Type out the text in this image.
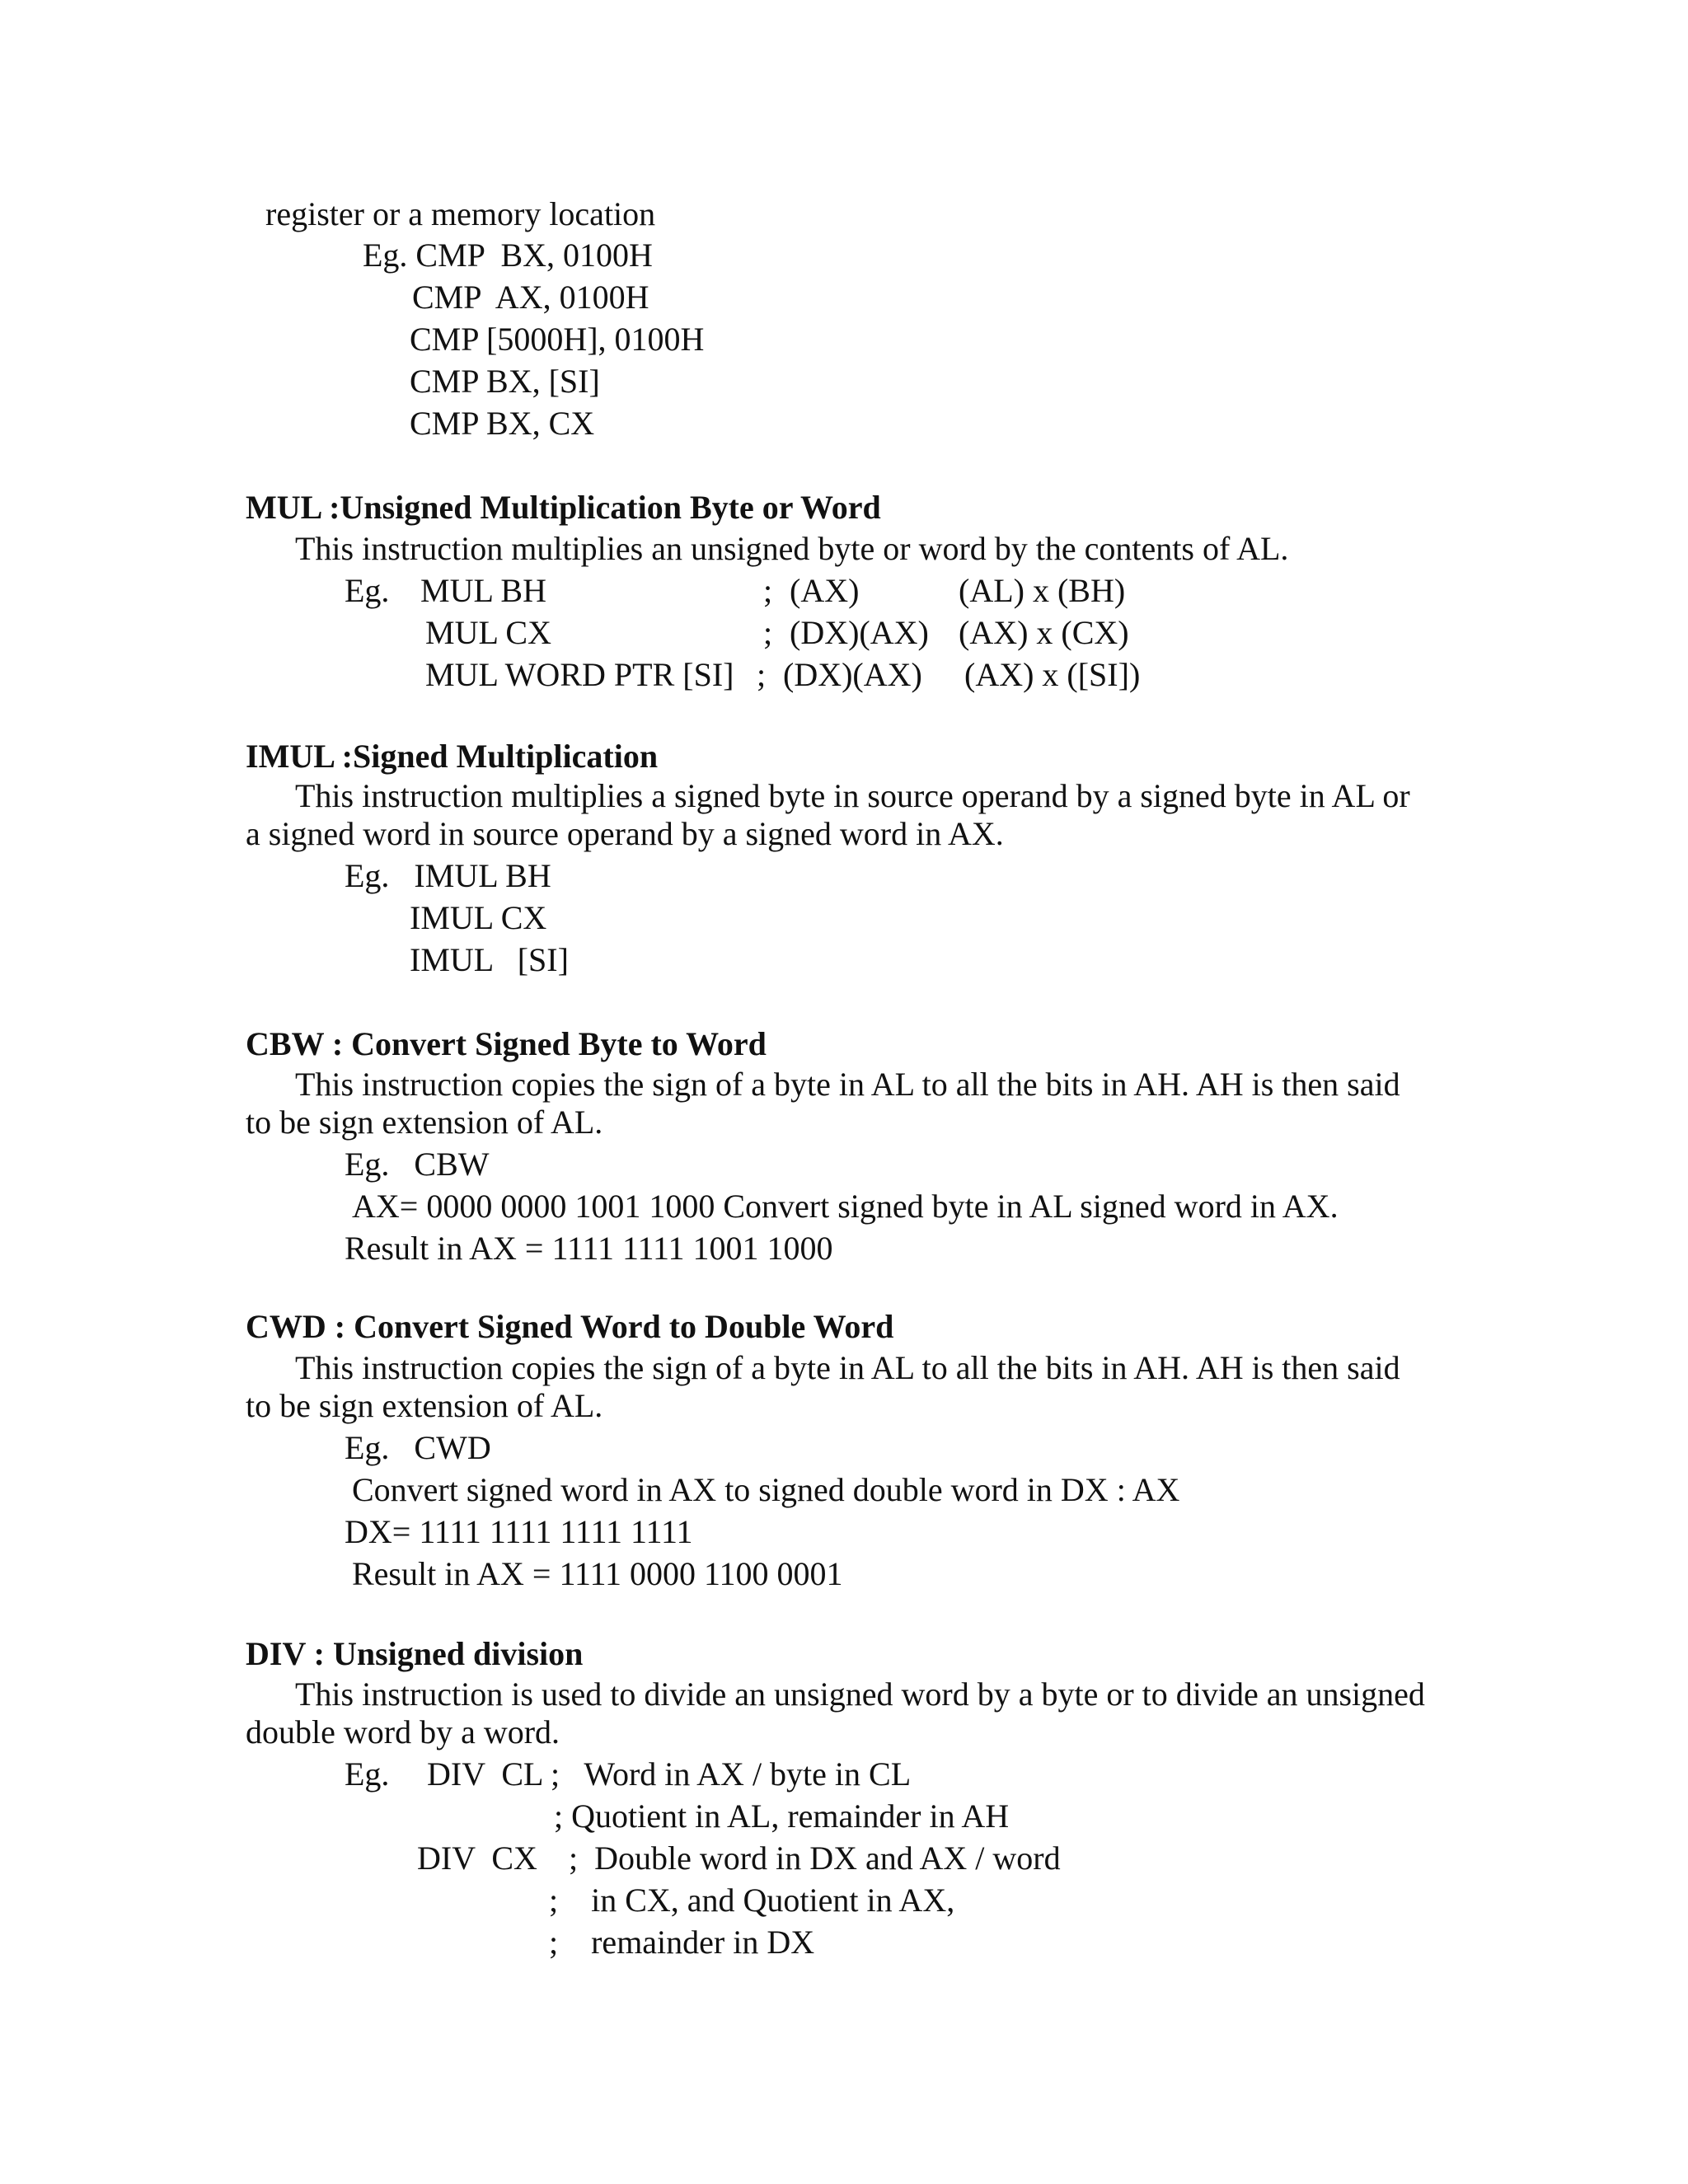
register or a memory location
Eg. CMP  BX, 0100H
CMP  AX, 0100H
CMP [5000H], 0100H
CMP BX, [SI]
CMP BX, CX
MUL :Unsigned Multiplication Byte or Word
This instruction multiplies an unsigned byte or word by the contents of AL.
Eg. MUL BH	; (AX)	(AL) x (BH)
MUL CX	; (DX)(AX) (AX) x (CX)
MUL WORD PTR [SI] ; (DX)(AX) (AX) x ([SI])
IMUL :Signed Multiplication
This instruction multiplies a signed byte in source operand by a signed byte in AL or
a signed word in source operand by a signed word in AX.
Eg.   IMUL BH
IMUL CX
IMUL   [SI]
CBW : Convert Signed Byte to Word
This instruction copies the sign of a byte in AL to all the bits in AH. AH is then said
to be sign extension of AL.
Eg.   CBW
AX= 0000 0000 1001 1000 Convert signed byte in AL signed word in AX.
Result in AX = 1111 1111 1001 1000
CWD : Convert Signed Word to Double Word
This instruction copies the sign of a byte in AL to all the bits in AH. AH is then said
to be sign extension of AL.
Eg.   CWD
Convert signed word in AX to signed double word in DX : AX
DX= 1111 1111 1111 1111
Result in AX = 1111 0000 1100 0001
DIV : Unsigned division
This instruction is used to divide an unsigned word by a byte or to divide an unsigned
double word by a word.
Eg. DIV  CL ;   Word in AX / byte in CL
; Quotient in AL, remainder in AH
DIV  CX ;  Double word in DX and AX / word
;    in CX, and Quotient in AX,
;    remainder in DX
